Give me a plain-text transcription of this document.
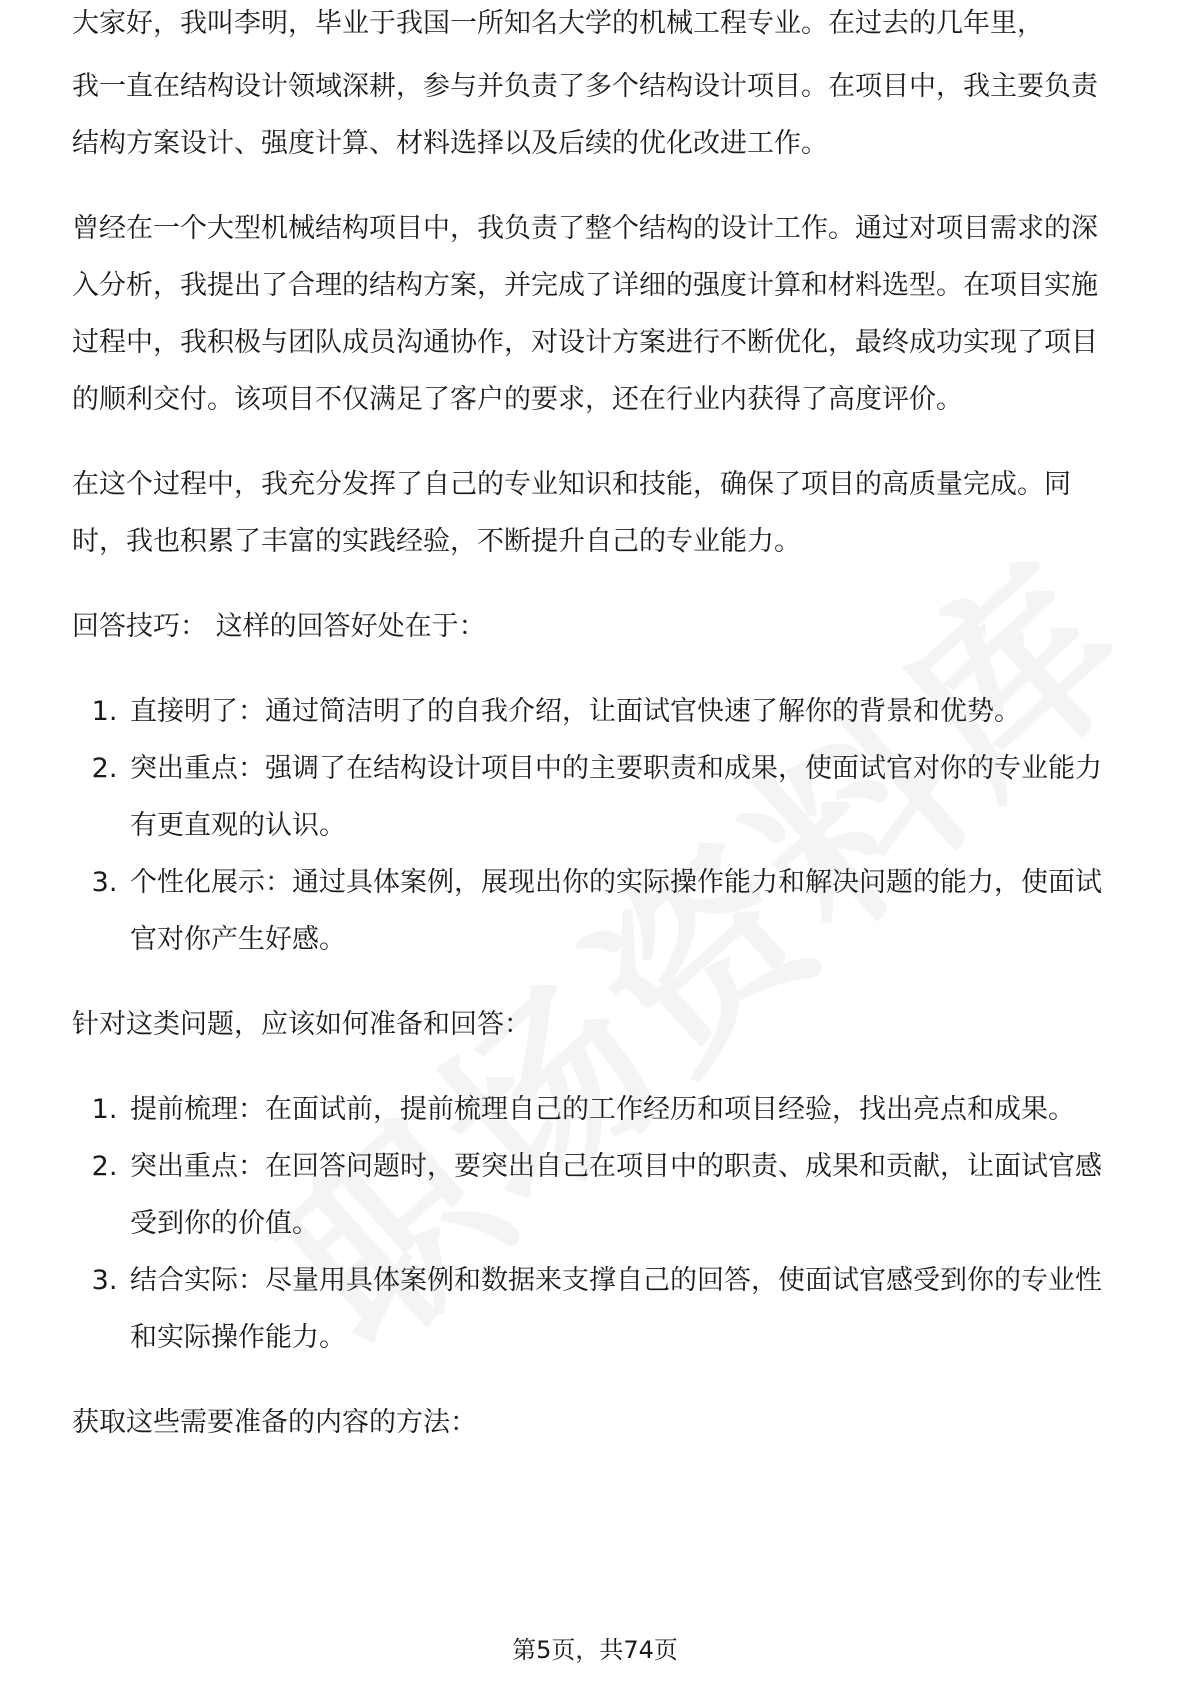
大家好，我叫李明，毕业于我国一所知名大学的机械工程专业。在过去的几年里，

我一直在结构设计领域深耕，参与并负责了多个结构设计项目。在项目中，我主要负责结构方案设计、强度计算、材料选择以及后续的优化改进工作。

曾经在一个大型机械结构项目中，我负责了整个结构的设计工作。通过对项目需求的深入分析，我提出了合理的结构方案，并完成了详细的强度计算和材料选型。在项目实施过程中，我积极与团队成员沟通协作，对设计方案进行不断优化，最终成功实现了项目的顺利交付。该项目不仅满足了客户的要求，还在行业内获得了高度评价。

在这个过程中，我充分发挥了自己的专业知识和技能，确保了项目的高质量完成。同时，我也积累了丰富的实践经验，不断提升自己的专业能力。

回答技巧： 这样的回答好处在于：

1. 直接明了：通过简洁明了的自我介绍，让面试官快速了解你的背景和优势。
2. 突出重点：强调了在结构设计项目中的主要职责和成果，使面试官对你的专业能力有更直观的认识。
3. 个性化展示：通过具体案例，展现出你的实际操作能力和解决问题的能力，使面试官对你产生好感。

针对这类问题，应该如何准备和回答：

1. 提前梳理：在面试前，提前梳理自己的工作经历和项目经验，找出亮点和成果。
2. 突出重点：在回答问题时，要突出自己在项目中的职责、成果和贡献，让面试官感受到你的价值。
3. 结合实际：尽量用具体案例和数据来支撑自己的回答，使面试官感受到你的专业性和实际操作能力。

获取这些需要准备的内容的方法：

第5页，共74页
